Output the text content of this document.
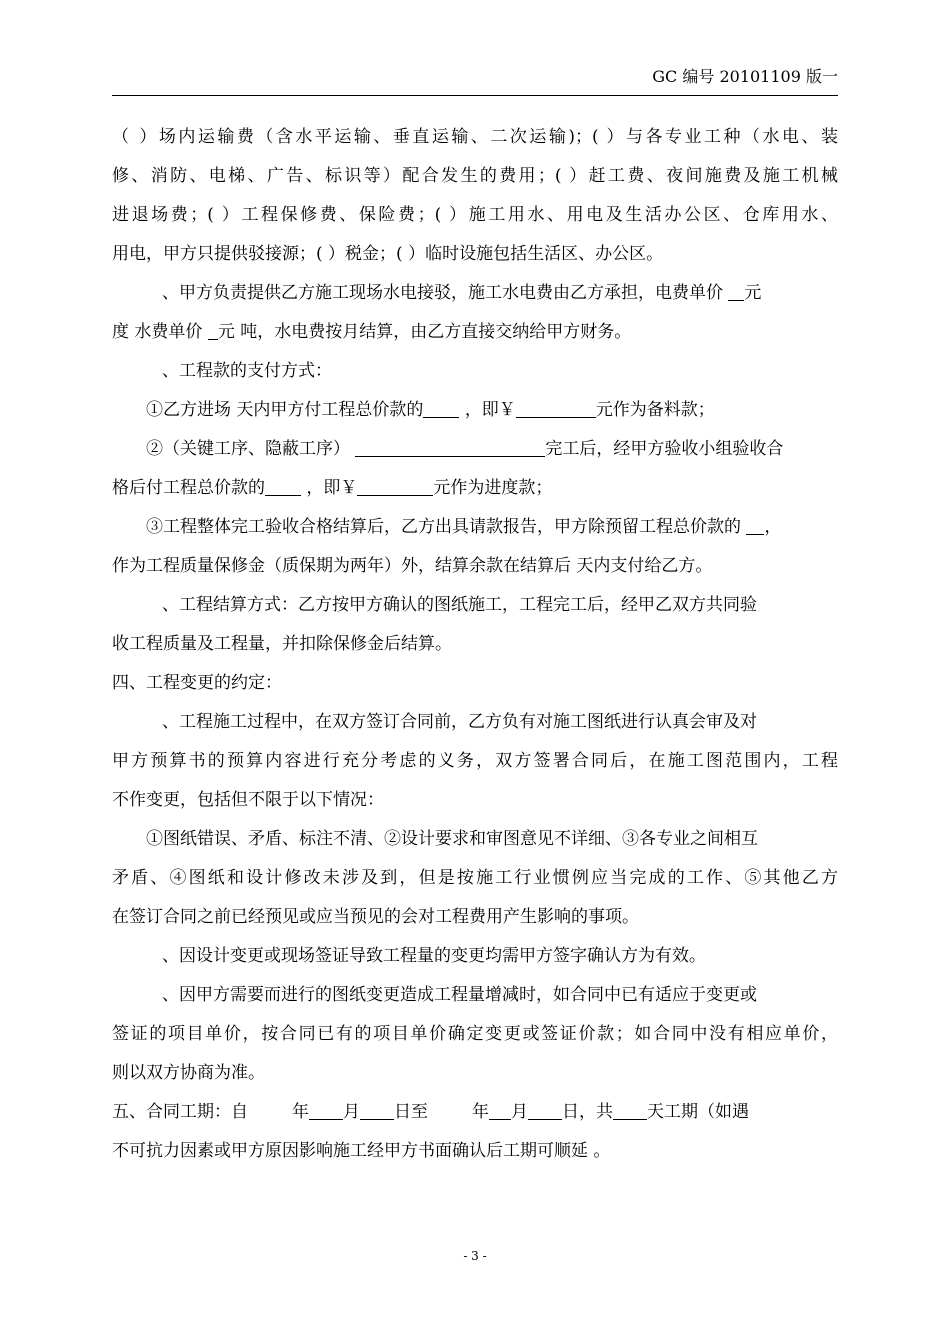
GC 编号 20101109 版一
（ ）场内运输费（含水平运输、垂直运输、二次运输)；( ）与各专业工种（水电、装
修、消防、电梯、广告、标识等）配合发生的费用；( ）赶工费、夜间施费及施工机械
进退场费；( ）工程保修费、保险费；( ）施工用水、用电及生活办公区、仓库用水、
用电，甲方只提供驳接源；( ）税金；( ）临时设施包括生活区、办公区。
、甲方负责提供乙方施工现场水电接驳，施工水电费由乙方承担，电费单价 元
度 水费单价 元 吨，水电费按月结算，由乙方直接交纳给甲方财务。
、工程款的支付方式：
①乙方进场 天内甲方付工程总价款的 ，即￥	元作为备料款；
②（关键工序、隐蔽工序）	完工后，经甲方验收小组验收合
格后付工程总价款的 ，即￥	元作为进度款；
③工程整体完工验收合格结算后，乙方出具请款报告，甲方除预留工程总价款的 ，
作为工程质量保修金（质保期为两年）外，结算余款在结算后 天内支付给乙方。
、工程结算方式：乙方按甲方确认的图纸施工，工程完工后，经甲乙双方共同验
收工程质量及工程量，并扣除保修金后结算。
四、工程变更的约定：
、工程施工过程中，在双方签订合同前，乙方负有对施工图纸进行认真会审及对
甲方预算书的预算内容进行充分考虑的义务，双方签署合同后，在施工图范围内，工程
不作变更，包括但不限于以下情况：
①图纸错误、矛盾、标注不清、②设计要求和审图意见不详细、③各专业之间相互
矛盾、④图纸和设计修改未涉及到，但是按施工行业惯例应当完成的工作、⑤其他乙方
在签订合同之前已经预见或应当预见的会对工程费用产生影响的事项。
、因设计变更或现场签证导致工程量的变更均需甲方签字确认方为有效。
、因甲方需要而进行的图纸变更造成工程量增减时，如合同中已有适应于变更或
签证的项目单价，按合同已有的项目单价确定变更或签证价款；如合同中没有相应单价，
则以双方协商为准。
五、合同工期：自	年 月 日至	年 月 日，共 天工期（如遇
不可抗力因素或甲方原因影响施工经甲方书面确认后工期可顺延 。
- 3 -
